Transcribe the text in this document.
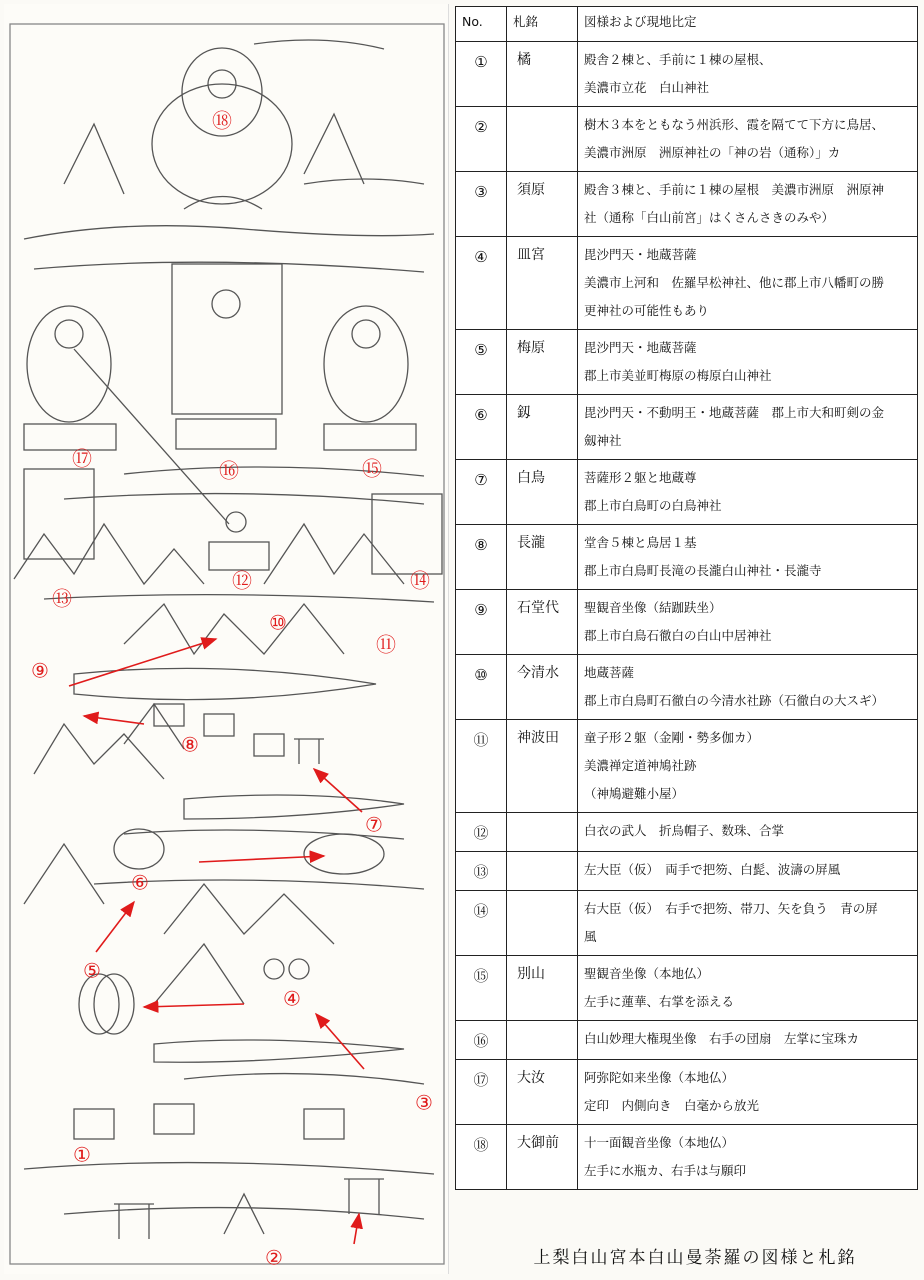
①
②
③
④
⑤
⑥
⑦
⑧
⑨
⑩
⑪
⑫
⑬
⑭
⑮
⑯
⑰
⑱
No.	札銘	図様および現地比定
①	橘	殿舎２棟と、手前に１棟の屋根、
美濃市立花　白山神社

②		樹木３本をともなう州浜形、霞を隔てて下方に鳥居、
美濃市洲原　洲原神社の「神の岩（通称）」カ

③	須原	殿舎３棟と、手前に１棟の屋根　美濃市洲原　洲原神
社（通称「白山前宮」はくさんさきのみや）

④	皿宮	毘沙門天・地蔵菩薩
美濃市上河和　佐羅早松神社、他に郡上市八幡町の勝
更神社の可能性もあり

⑤	梅原	毘沙門天・地蔵菩薩
郡上市美並町梅原の梅原白山神社

⑥	釼	毘沙門天・不動明王・地蔵菩薩　郡上市大和町剣の金
劔神社

⑦	白鳥	菩薩形２躯と地蔵尊
郡上市白鳥町の白鳥神社

⑧	長瀧	堂舎５棟と鳥居１基
郡上市白鳥町長滝の長瀧白山神社・長瀧寺

⑨	石堂代	聖観音坐像（結跏趺坐）
郡上市白鳥石徹白の白山中居神社

⑩	今清水	地蔵菩薩
郡上市白鳥町石徹白の今清水社跡（石徹白の大スギ）

⑪	神波田	童子形２躯（金剛・勢多伽カ）
美濃禅定道神鳩社跡
（神鳩避難小屋）

⑫		白衣の武人　折烏帽子、数珠、合掌

⑬		左大臣（仮）　両手で把笏、白髭、波濤の屏風

⑭		右大臣（仮）　右手で把笏、帯刀、矢を負う　青の屏
風

⑮	別山	聖観音坐像（本地仏）
左手に蓮華、右掌を添える

⑯		白山妙理大権現坐像　右手の団扇　左掌に宝珠カ

⑰	大汝	阿弥陀如来坐像（本地仏）
定印　内側向き　白毫から放光

⑱	大御前	十一面観音坐像（本地仏）
左手に水瓶カ、右手は与願印
上梨白山宮本白山曼荼羅の図様と札銘
